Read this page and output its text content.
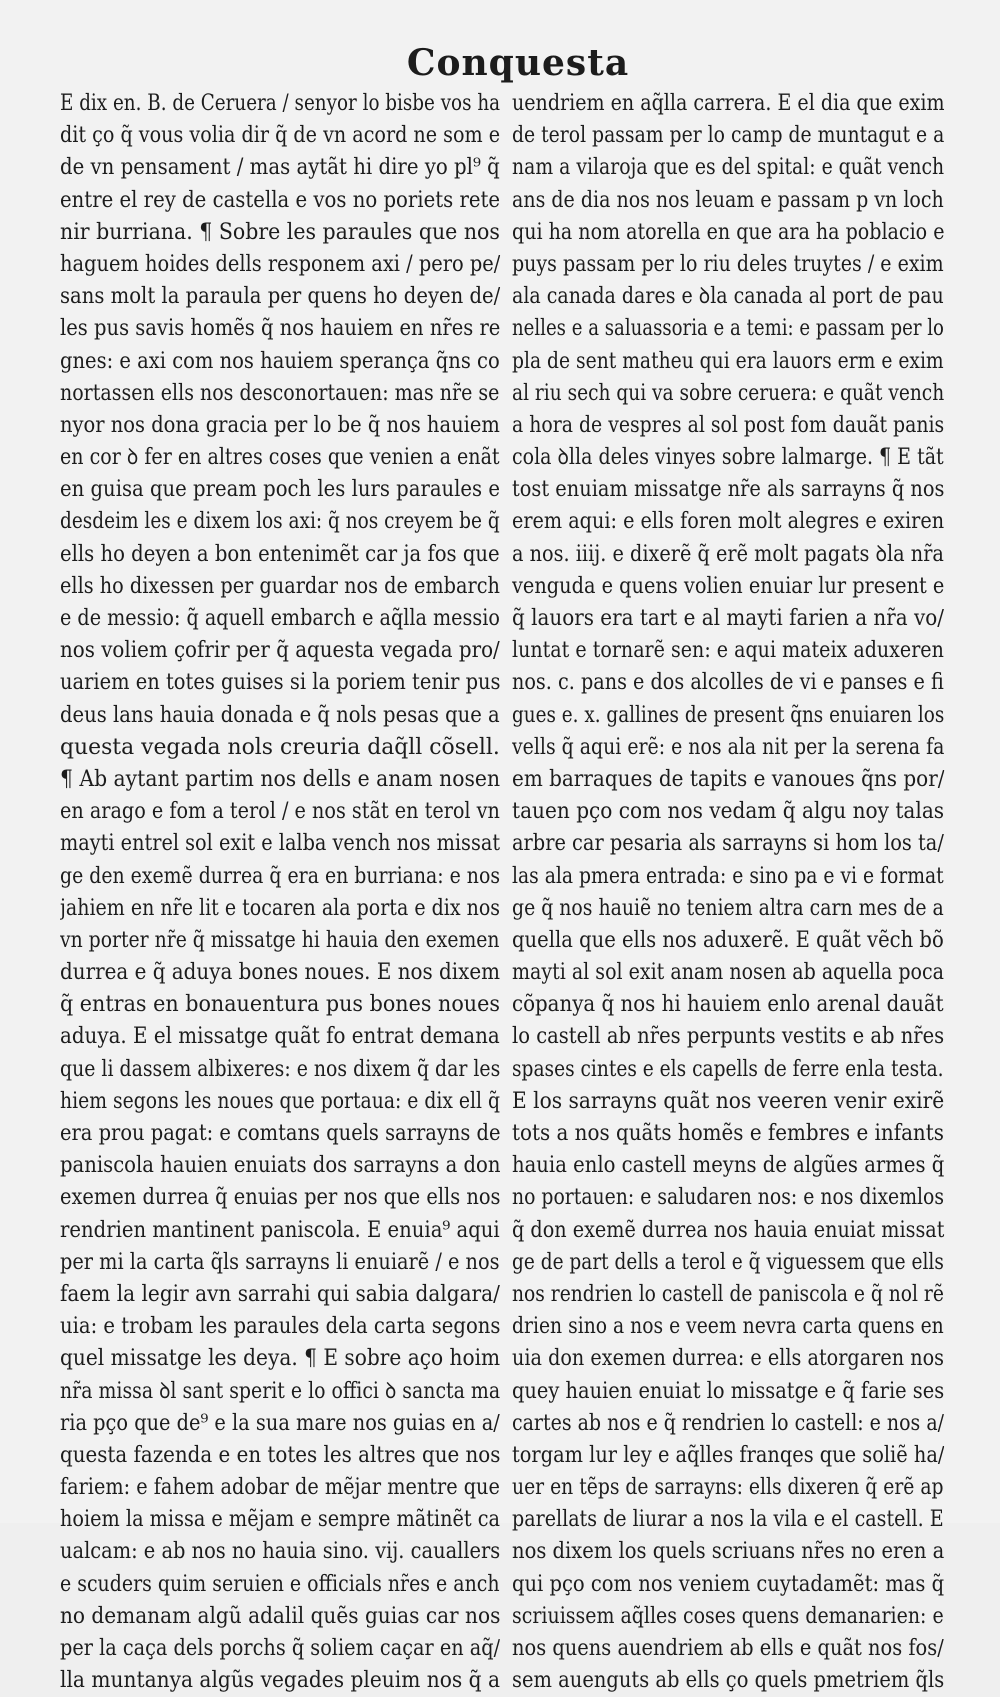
Conquesta
E dix en. B. de Ceruera / senyor lo bisbe vos ha
dit ço q̃ vous volia dir q̃ de vn acord ne som e
de vn pensament / mas aytãt hi dire yo pl⁹ q̃
entre el rey de castella e vos no poriets rete
nir burriana. ¶ Sobre les paraules que nos
haguem hoides dells responem axi / pero pe∕
sans molt la paraula per quens ho deyen de∕
les pus savis homẽs q̃ nos hauiem en nr̃es re
gnes: e axi com nos hauiem sperança q̃ns co
nortassen ells nos desconortauen: mas nr̃e se
nyor nos dona gracia per lo be q̃ nos hauiem
en cor ꝺ fer en altres coses que venien a enãt
en guisa que pream poch les lurs paraules e
desdeim les e dixem los axi: q̃ nos creyem be q̃
ells ho deyen a bon entenimẽt car ja fos que
ells ho dixessen per guardar nos de embarch
e de messio: q̃ aquell embarch e aq̃lla messio
nos voliem çofrir per q̃ aquesta vegada pro∕
uariem en totes guises si la poriem tenir pus
deus lans hauia donada e q̃ nols pesas que a
questa vegada nols creuria daq̃ll cõsell.
¶ Ab aytant partim nos dells e anam nosen
en arago e fom a terol / e nos stãt en terol vn
mayti entrel sol exit e lalba vench nos missat
ge den exemẽ durrea q̃ era en burriana: e nos
jahiem en nr̃e lit e tocaren ala porta e dix nos
vn porter nr̃e q̃ missatge hi hauia den exemen
durrea e q̃ aduya bones noues. E nos dixem
q̃ entras en bonauentura pus bones noues
aduya. E el missatge quãt fo entrat demana
que li dassem albixeres: e nos dixem q̃ dar les
hiem segons les noues que portaua: e dix ell q̃
era prou pagat: e comtans quels sarrayns de
paniscola hauien enuiats dos sarrayns a don
exemen durrea q̃ enuias per nos que ells nos
rendrien mantinent paniscola. E enuia⁹ aqui
per mi la carta q̃ls sarrayns li enuiarẽ / e nos
faem la legir avn sarrahi qui sabia dalgara∕
uia: e trobam les paraules dela carta segons
quel missatge les deya. ¶ E sobre aço hoim
nr̃a missa ꝺl sant sperit e lo offici ꝺ sancta ma
ria pço que de⁹ e la sua mare nos guias en a∕
questa fazenda e en totes les altres que nos
fariem: e fahem adobar de mẽjar mentre que
hoiem la missa e mẽjam e sempre mãtinẽt ca
ualcam: e ab nos no hauia sino. vij. cauallers
e scuders quim seruien e officials nr̃es e anch
no demanam algũ adalil quẽs guias car nos
per la caça dels porchs q̃ soliem caçar en aq̃∕
lla muntanya algũs vegades pleuim nos q̃ a
uendriem en aq̃lla carrera. E el dia que exim
de terol passam per lo camp de muntagut e a
nam a vilaroja que es del spital: e quãt vench
ans de dia nos nos leuam e passam p vn loch
qui ha nom atorella en que ara ha poblacio e
puys passam per lo riu deles truytes / e exim
ala canada dares e ꝺla canada al port de pau
nelles e a saluassoria e a temi: e passam per lo
pla de sent matheu qui era lauors erm e exim
al riu sech qui va sobre ceruera: e quãt vench
a hora de vespres al sol post fom dauãt panis
cola ꝺlla deles vinyes sobre lalmarge. ¶ E tãt
tost enuiam missatge nr̃e als sarrayns q̃ nos
erem aqui: e ells foren molt alegres e exiren
a nos. iiij. e dixerẽ q̃ erẽ molt pagats ꝺla nr̃a
venguda e quens volien enuiar lur present e
q̃ lauors era tart e al mayti farien a nr̃a vo∕
luntat e tornarẽ sen: e aqui mateix aduxeren
nos. c. pans e dos alcolles de vi e panses e fi
gues e. x. gallines de present q̃ns enuiaren los
vells q̃ aqui erẽ: e nos ala nit per la serena fa
em barraques de tapits e vanoues q̃ns por∕
tauen pço com nos vedam q̃ algu noy talas
arbre car pesaria als sarrayns si hom los ta∕
las ala pmera entrada: e sino pa e vi e format
ge q̃ nos hauiẽ no teniem altra carn mes de a
quella que ells nos aduxerẽ. E quãt vẽch bõ
mayti al sol exit anam nosen ab aquella poca
cõpanya q̃ nos hi hauiem enlo arenal dauãt
lo castell ab nr̃es perpunts vestits e ab nr̃es
spases cintes e els capells de ferre enla testa.
E los sarrayns quãt nos veeren venir exirẽ
tots a nos quãts homẽs e fembres e infants
hauia enlo castell meyns de algũes armes q̃
no portauen: e saludaren nos: e nos dixemlos
q̃ don exemẽ durrea nos hauia enuiat missat
ge de part dells a terol e q̃ viguessem que ells
nos rendrien lo castell de paniscola e q̃ nol rẽ
drien sino a nos e veem nevra carta quens en
uia don exemen durrea: e ells atorgaren nos
quey hauien enuiat lo missatge e q̃ farie ses
cartes ab nos e q̃ rendrien lo castell: e nos a∕
torgam lur ley e aq̃lles franqes que soliẽ ha∕
uer en tẽps de sarrayns: ells dixeren q̃ erẽ ap
parellats de liurar a nos la vila e el castell. E
nos dixem los quels scriuans nr̃es no eren a
qui pço com nos veniem cuytadamẽt: mas q̃
scriuissem aq̃lles coses quens demanarien: e
nos quens auendriem ab ells e quãt nos fos∕
sem auenguts ab ells ço quels pmetriem q̃ls
